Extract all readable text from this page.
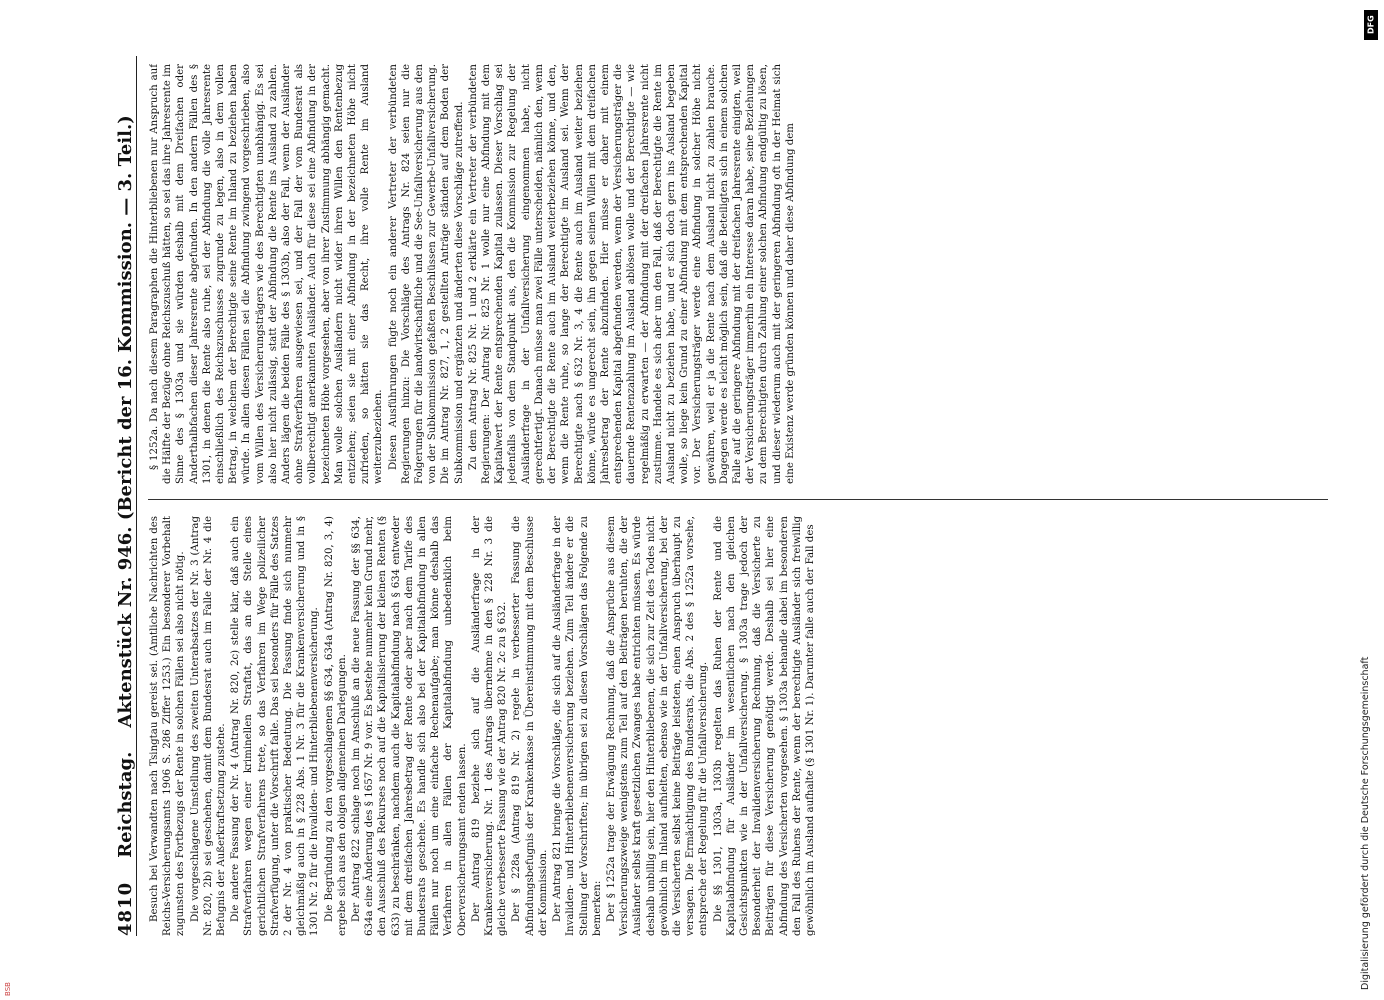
4810
Reichstag.
Aktenstück Nr. 946. (Bericht der 16. Kommission. — 3. Teil.) Besuch bei Verwandten nach Tsingtau gereist sei. (Amtliche Nachrichten des Reichs-Versicherungsamts 1906 S. 286 Ziffer 1253.) Ein besonderer Vorbehalt zugunsten des Fortbezugs der Rente in solchen Fällen sei also nicht nötig. Die vorgeschlagene Umstellung des zweiten Unterabsatzes der Nr. 3 (Antrag Nr. 820, 2b) sei geschehen, damit dem Bundesrat auch im Falle der Nr. 4 die Befugnis der Außerkraftsetzung zustehe. Die andere Fassung der Nr. 4 (Antrag Nr. 820, 2c) stelle klar, daß auch ein Strafverfahren wegen einer kriminellen Straftat, das an die Stelle eines gerichtlichen Strafverfahrens trete, so das Verfahren im Wege polizeilicher Strafverfügung, unter die Vorschrift falle. Das sei besonders für Fälle des Satzes 2 der Nr. 4 von praktischer Bedeutung. Die Fassung finde sich nunmehr gleichmäßig auch in § 228 Abs. 1 Nr. 3 für die Krankenversicherung und in § 1301 Nr. 2 für die Invaliden- und Hinterbliebenenversicherung. Die Begründung zu den vorgeschlagenen §§ 634, 634a (Antrag Nr. 820, 3, 4) ergebe sich aus den obigen allgemeinen Darlegungen. Der Antrag 822 schlage noch im Anschluß an die neue Fassung der §§ 634, 634a eine Änderung des § 1657 Nr. 9 vor. Es bestehe nunmehr kein Grund mehr, den Ausschluß des Rekurses noch auf die Kapitalisierung der kleinen Renten (§ 633) zu beschränken, nachdem auch die Kapitalabfindung nach § 634 entweder mit dem dreifachen Jahresbetrag der Rente oder aber nach dem Tarife des Bundesrats geschehe. Es handle sich also bei der Kapitalabfindung in allen Fällen nur noch um eine einfache Rechenaufgabe; man könne deshalb das Verfahren in allen Fällen der Kapitalabfindung unbedenklich beim Oberversicherungsamt enden lassen. Der Antrag 819 beziehe sich auf die Ausländerfrage in der Krankenversicherung. Nr. 1 des Antrags übernehme in den § 228 Nr. 3 die gleiche verbesserte Fassung wie der Antrag 820 Nr. 2c zu § 632. Der § 228a (Antrag 819 Nr. 2) regele in verbesserter Fassung die Abfindungsbefugnis der Krankenkasse in Übereinstimmung mit dem Beschlusse der Kommission. Der Antrag 821 bringe die Vorschläge, die sich auf die Ausländerfrage in der Invaliden- und Hinterbliebenenversicherung beziehen. Zum Teil ändere er die Stellung der Vorschriften; im übrigen sei zu diesen Vorschlägen das Folgende zu bemerken: Der § 1252a trage der Erwägung Rechnung, daß die Ansprüche aus diesem Versicherungszweige wenigstens zum Teil auf den Beiträgen beruhten, die der Ausländer selbst kraft gesetzlichen Zwanges habe entrichten müssen. Es würde deshalb unbillig sein, hier den Hinterbliebenen, die sich zur Zeit des Todes nicht gewöhnlich im Inland aufhielten, ebenso wie in der Unfallversicherung, bei der die Versicherten selbst keine Beiträge leisteten, einen Anspruch überhaupt zu versagen. Die Ermächtigung des Bundesrats, die Abs. 2 des § 1252a vorsehe, entspreche der Regelung für die Unfallversicherung. Die §§ 1301, 1303a, 1303b regelten das Ruhen der Rente und die Kapitalabfindung für Ausländer im wesentlichen nach den gleichen Gesichtspunkten wie in der Unfallversicherung. § 1303a trage jedoch der Besonderheit der Invalidenversicherung Rechnung, daß die Versicherte zu Beiträgen für diese Versicherung genötigt werde. Deshalb sei hier eine Abfindung des Versicherten vorgesehen. § 1303a behandle dabei im besonderen den Fall des Ruhens der Rente, wenn der berechtigte Ausländer sich freiwillig gewöhnlich im Ausland aufhalte (§ 1301 Nr. 1). Darunter falle auch der Fall des

§ 1252a. Da nach diesem Paragraphen die Hinterbliebenen nur Anspruch auf die Hälfte der Bezüge ohne Reichszuschuß hätten, so sei das ihre Jahresrente im Sinne des § 1303a und sie würden deshalb mit dem Dreifachen oder Anderthalbfachen dieser Jahresrente abgefunden. In den andern Fällen des § 1301, in denen die Rente also ruhe, sei der Abfindung die volle Jahresrente einschließlich des Reichszuschusses zugrunde zu legen, also in dem vollen Betrag, in welchem der Berechtigte seine Rente im Inland zu beziehen haben würde. In allen diesen Fällen sei die Abfindung zwingend vorgeschrieben, also vom Willen des Versicherungsträgers wie des Berechtigten unabhängig. Es sei also hier nicht zulässig, statt der Abfindung die Rente ins Ausland zu zahlen. Anders lägen die beiden Fälle des § 1303b, also der Fall, wenn der Ausländer ohne Strafverfahren ausgewiesen sei, und der Fall der vom Bundesrat als vollberechtigt anerkannten Ausländer. Auch für diese sei eine Abfindung in der bezeichneten Höhe vorgesehen, aber von ihrer Zustimmung abhängig gemacht. Man wolle solchen Ausländern nicht wider ihren Willen den Rentenbezug entziehen; seien sie mit einer Abfindung in der bezeichneten Höhe nicht zufrieden, so hätten sie das Recht, ihre volle Rente im Ausland weiterzubeziehen. Diesen Ausführungen fügte noch ein anderer Vertreter der verbündeten Regierungen hinzu: Die Vorschläge des Antrags Nr. 824 seien nur die Folgerungen für die landwirtschaftliche und die See-Unfallversicherung aus den von der Subkommission gefaßten Beschlüssen zur Gewerbe-Unfallversicherung. Die im Antrag Nr. 827, 1, 2 gestellten Anträge ständen auf dem Boden der Subkommission und ergänzten und änderten diese Vorschläge zutreffend. Zu dem Antrag Nr. 825 Nr. 1 und 2 erklärte ein Vertreter der verbündeten Regierungen: Der Antrag Nr. 825 Nr. 1 wolle nur eine Abfindung mit dem Kapitalwert der Rente entsprechenden Kapital zulassen. Dieser Vorschlag sei jedenfalls von dem Standpunkt aus, den die Kommission zur Regelung der Ausländerfrage in der Unfallversicherung eingenommen habe, nicht gerechtfertigt. Danach müsse man zwei Fälle unterscheiden, nämlich den, wenn der Berechtigte die Rente auch im Ausland weiterbeziehen könne, und den, wenn die Rente ruhe, so lange der Berechtigte im Ausland sei. Wenn der Berechtigte nach § 632 Nr. 3, 4 die Rente auch im Ausland weiter beziehen könne, würde es ungerecht sein, ihn gegen seinen Willen mit dem dreifachen Jahresbetrag der Rente abzufinden. Hier müsse er daher mit einem entsprechenden Kapital abgefunden werden, wenn der Versicherungsträger die dauernde Rentenzahlung im Ausland ablösen wolle und der Berechtigte — wie regelmäßig zu erwarten — der Abfindung mit der dreifachen Jahresrente nicht zustimme. Handele es sich aber um den Fall, daß der Berechtigte die Rente im Ausland nicht zu beziehen habe, und er sich doch gern ins Ausland begeben wolle, so liege kein Grund zu einer Abfindung mit dem entsprechenden Kapital vor. Der Versicherungsträger werde eine Abfindung in solcher Höhe nicht gewähren, weil er ja die Rente nach dem Ausland nicht zu zahlen brauche. Dagegen werde es leicht möglich sein, daß die Beteiligten sich in einem solchen Falle auf die geringere Abfindung mit der dreifachen Jahresrente einigten, weil der Versicherungsträger immerhin ein Interesse daran habe, seine Beziehungen zu dem Berechtigten durch Zahlung einer solchen Abfindung endgültig zu lösen, und dieser wiederum auch mit der geringeren Abfindung oft in der Heimat sich eine Existenz werde gründen können und daher diese Abfindung dem

Digitalisierung gefördert durch die Deutsche Forschungsgemeinschaft
DFG
BSB
